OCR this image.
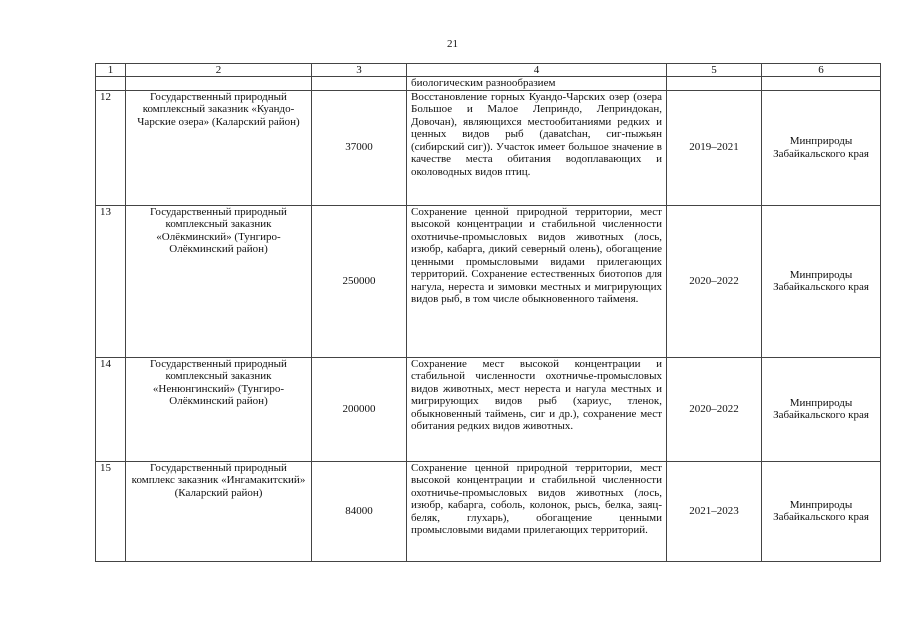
21
1	2	3	4	5	6

			биологическим разнообразием		

12	Государственный природный комплексный заказник «Куандо-Чарские озера» (Каларский район)	37000	Восстановление горных Куандо-Чарских озер (озера Большое и Малое Леприндо, Леприндокан, Довочан), являющихся местообитаниями редких и ценных видов рыб (давatchан, сиг-пыжьян (сибирский сиг)). Участок имеет большое значение в качестве места обитания водоплавающих и околоводных видов птиц.	2019–2021	Минприроды Забайкальского края
13	Государственный природный комплексный заказник «Олёкминский» (Тунгиро-Олёкминский район)	250000	Сохранение ценной природной территории, мест высокой концентрации и стабильной численности охотничье-промысловых видов животных (лось, изюбр, кабарга, дикий северный олень), обогащение ценными промысловыми видами прилегающих территорий. Сохранение естественных биотопов для нагула, нереста и зимовки местных и мигрирующих видов рыб, в том числе обыкновенного тайменя.	2020–2022	Минприроды Забайкальского края
14	Государственный природный комплексный заказник «Ненюнгинский» (Тунгиро-Олёкминский район)	200000	Сохранение мест высокой концентрации и стабильной численности охотничье-промысловых видов животных, мест нереста и нагула местных и мигрирующих видов рыб (хариус, тленок, обыкновенный таймень, сиг и др.), сохранение мест обитания редких видов животных.	2020–2022	Минприроды Забайкальского края
15	Государственный природный комплекс заказник «Ингамакитский» (Каларский район)	84000	Сохранение ценной природной территории, мест высокой концентрации и стабильной численности охотничье-промысловых видов животных (лось, изюбр, кабарга, соболь, колонок, рысь, белка, заяц-беляк, глухарь), обогащение ценными промысловыми видами прилегающих территорий.	2021–2023	Минприроды Забайкальского края
